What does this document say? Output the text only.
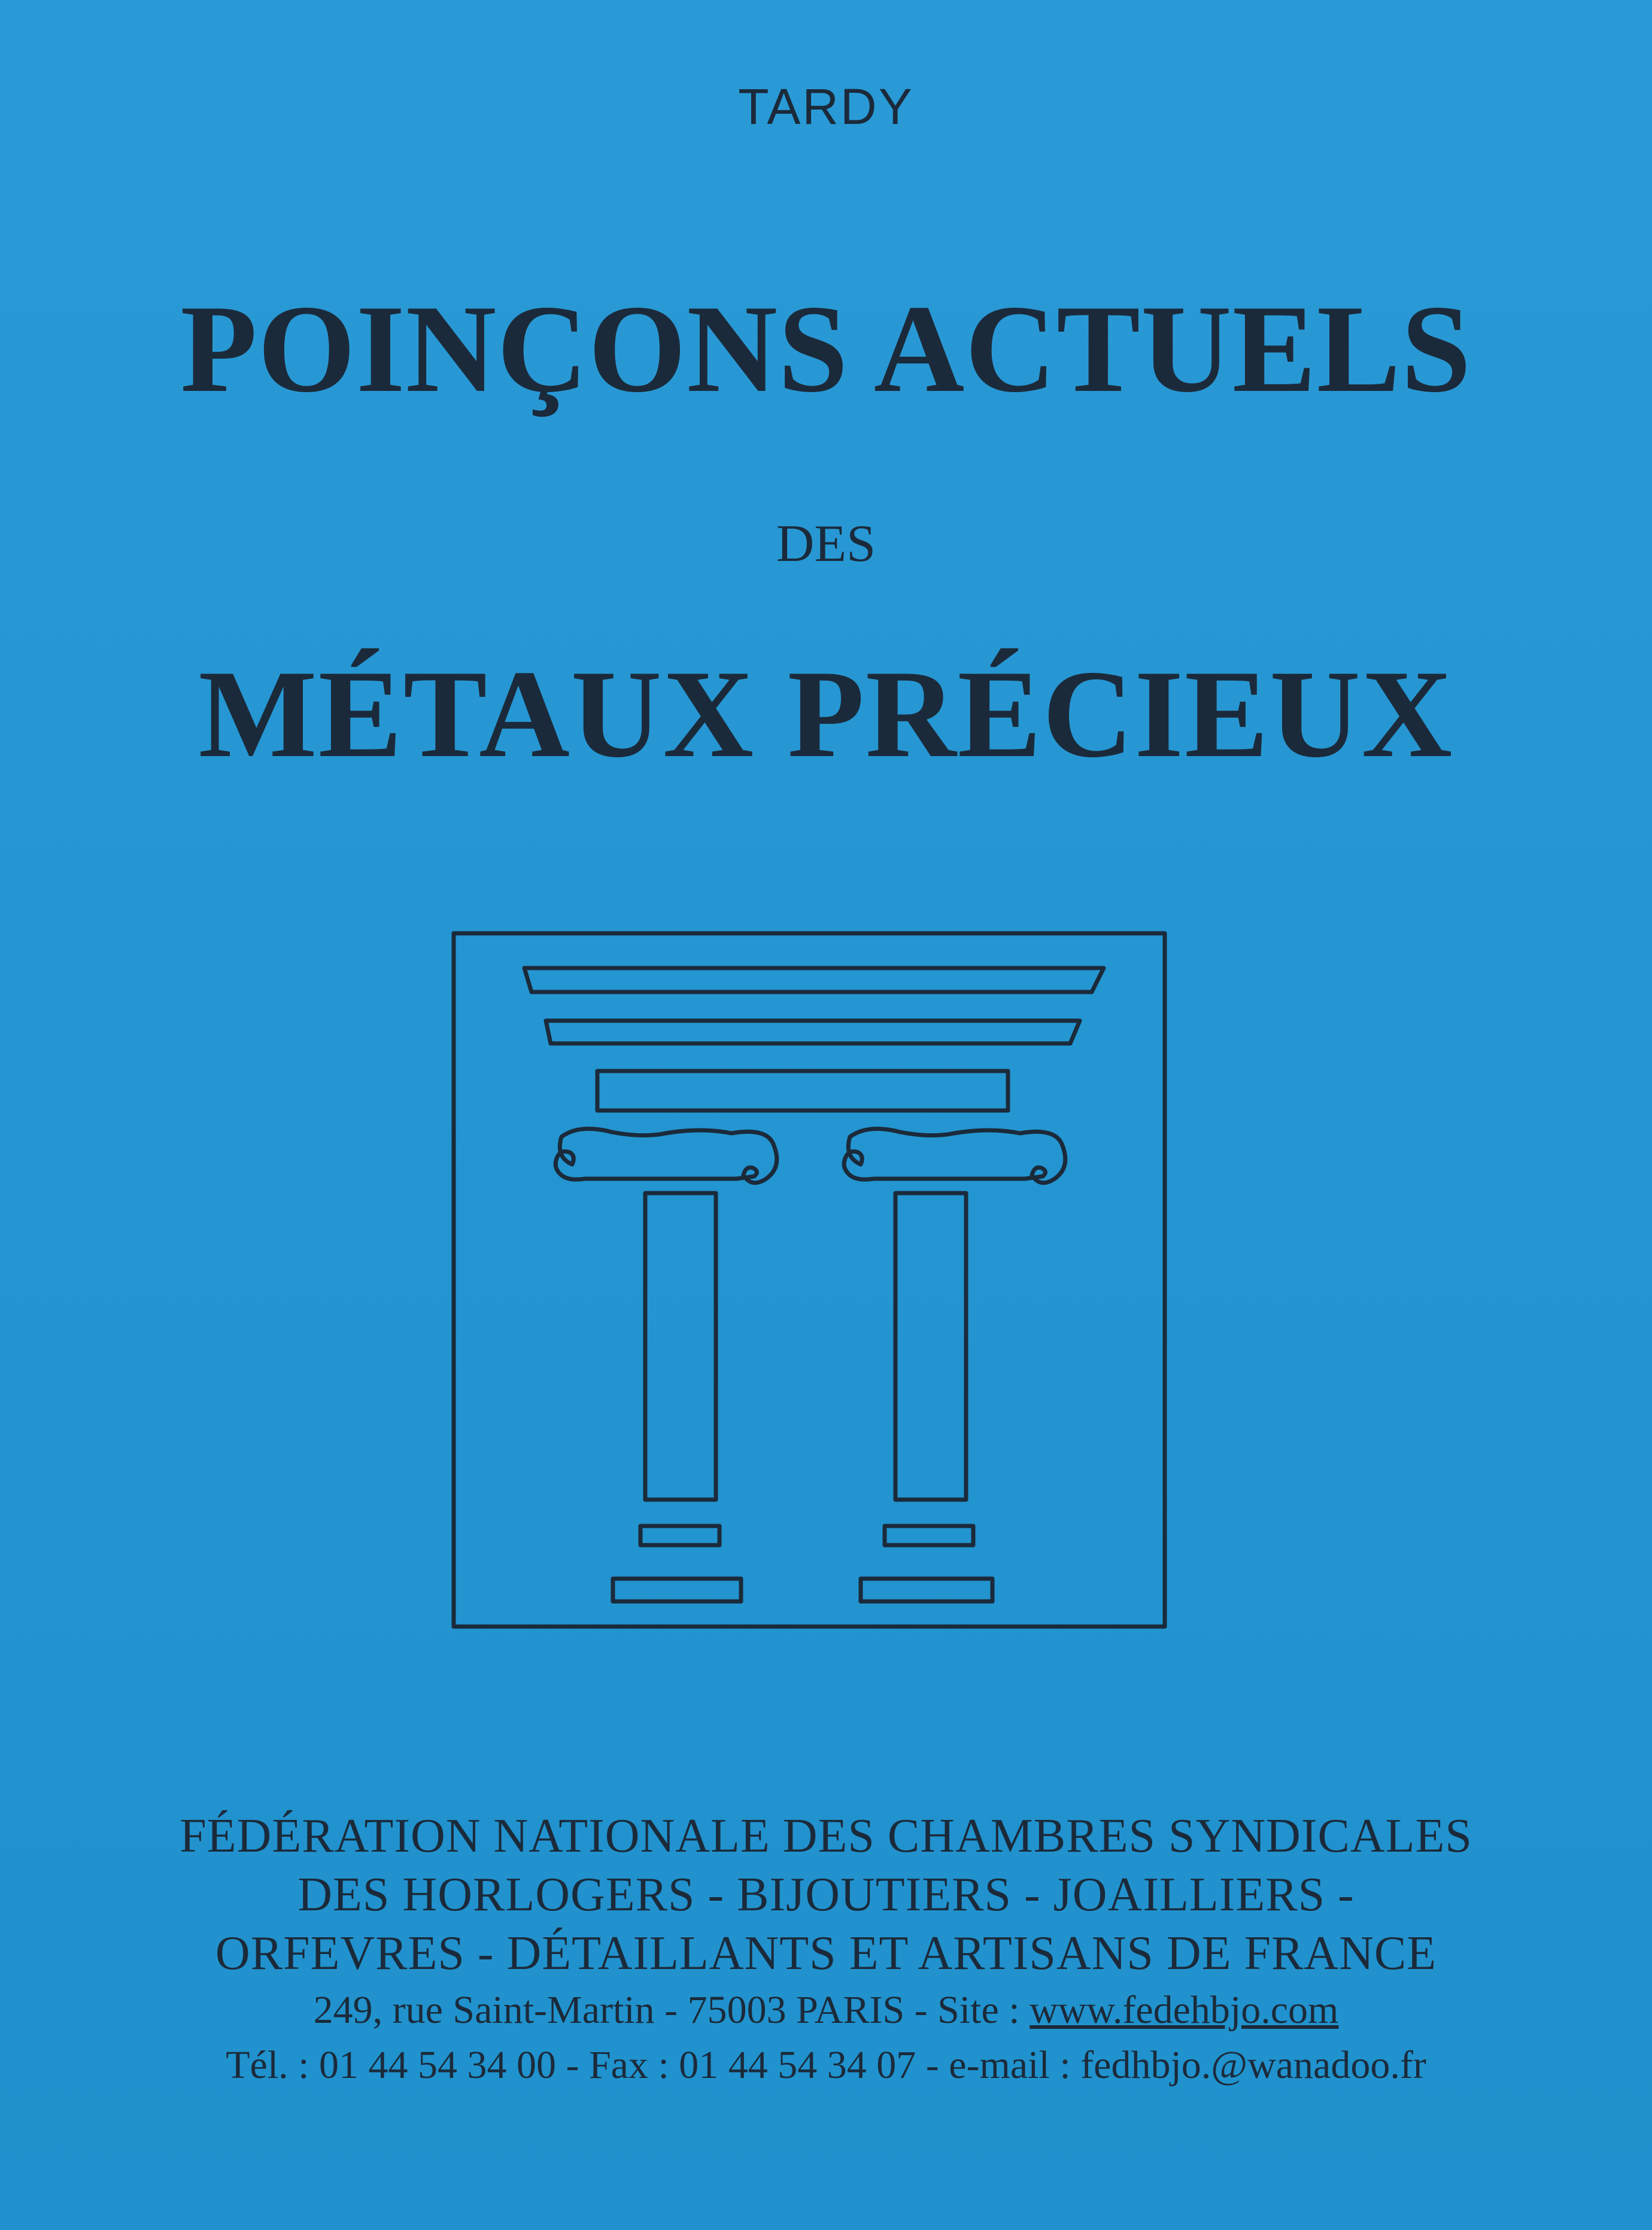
TARDY
POINÇONS ACTUELS
DES
MÉTAUX PRÉCIEUX
FÉDÉRATION NATIONALE DES CHAMBRES SYNDICALES
DES HORLOGERS - BIJOUTIERS - JOAILLIERS -
ORFEVRES - DÉTAILLANTS ET ARTISANS DE FRANCE
249, rue Saint-Martin - 75003 PARIS - Site : www.fedehbjo.com
Tél. : 01 44 54 34 00 - Fax : 01 44 54 34 07 - e-mail : fedhbjo.@wanadoo.fr
